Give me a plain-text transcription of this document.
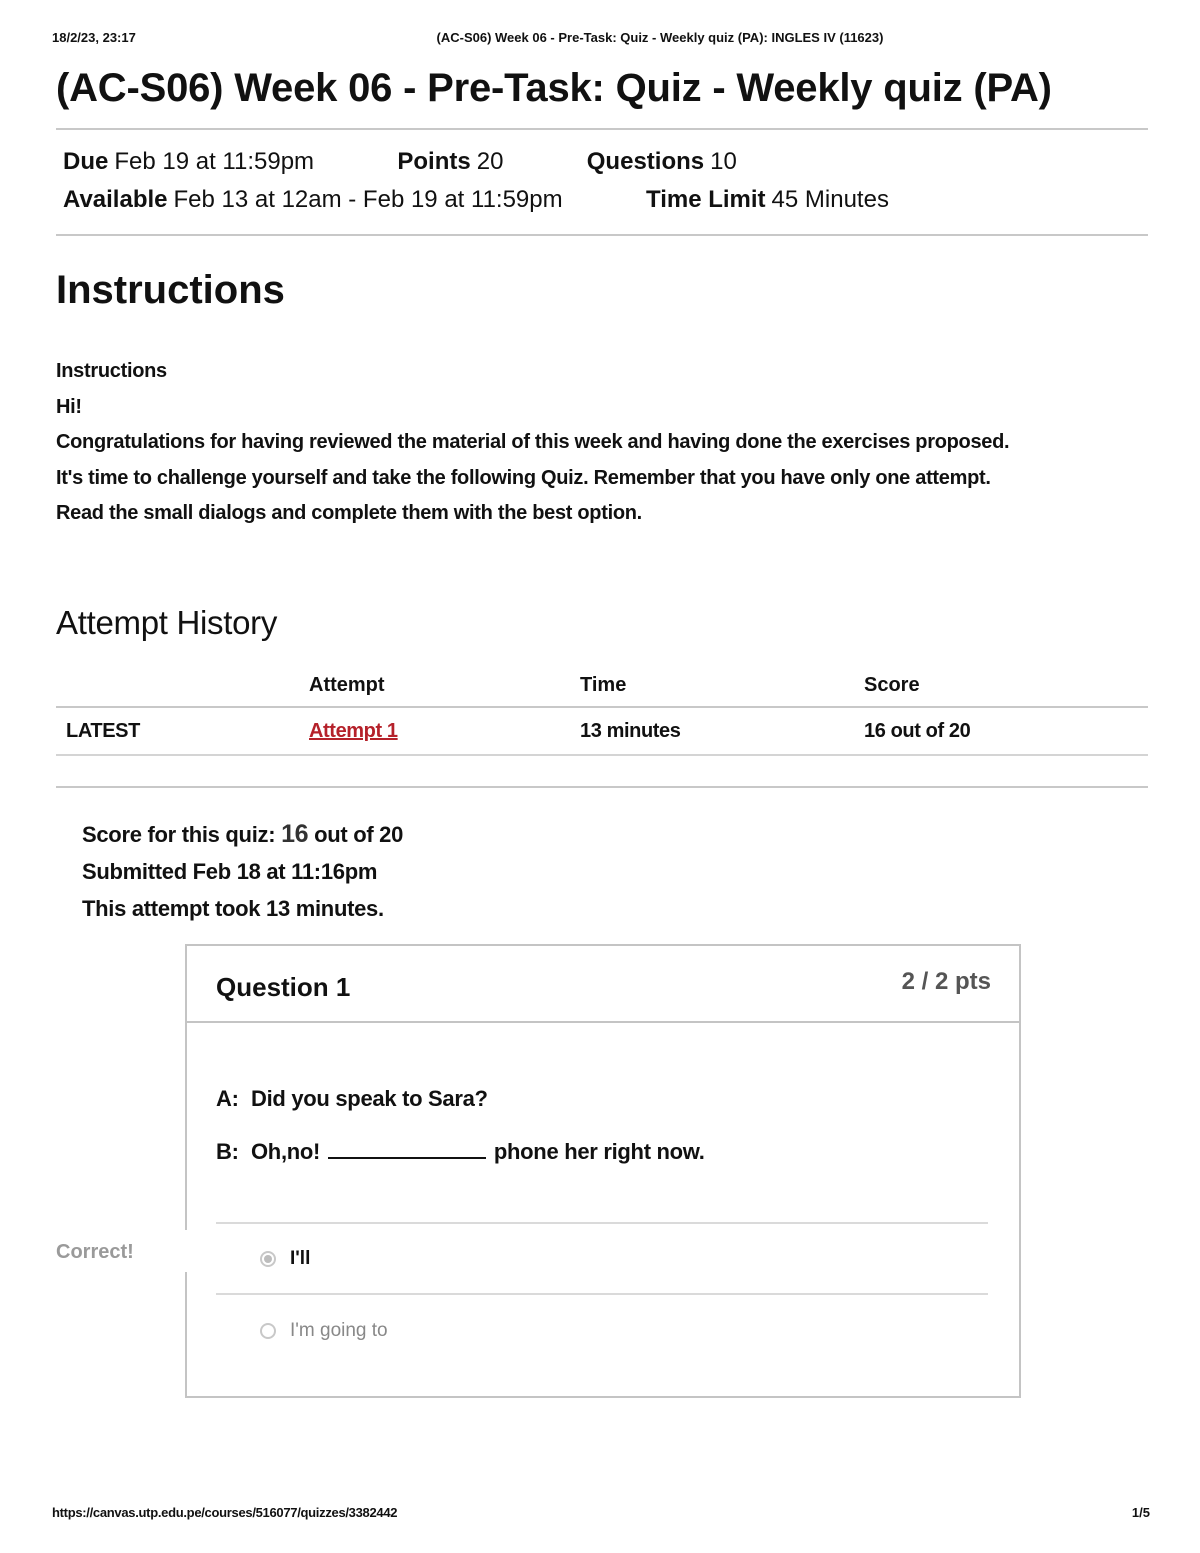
18/2/23, 23:17	(AC-S06) Week 06 - Pre-Task: Quiz - Weekly quiz (PA): INGLES IV (11623)
(AC-S06) Week 06 - Pre-Task: Quiz - Weekly quiz (PA)
Due Feb 19 at 11:59pm	Points 20	Questions 10
Available Feb 13 at 12am - Feb 19 at 11:59pm	Time Limit 45 Minutes
Instructions
Instructions
Hi!
Congratulations for having reviewed the material of this week and having done the exercises proposed.
It's time to challenge yourself and take the following Quiz. Remember that you have only one attempt.
Read the small dialogs and complete them with the best option.
Attempt History
	Attempt	Time	Score
LATEST	Attempt 1	13 minutes	16 out of 20
Score for this quiz: 16 out of 20
Submitted Feb 18 at 11:16pm
This attempt took 13 minutes.
Correct!
Question 1	2 / 2 pts
A: Did you speak to Sara?
B: Oh,no!	phone her right now.
I'll
I'm going to
https://canvas.utp.edu.pe/courses/516077/quizzes/3382442	1/5
